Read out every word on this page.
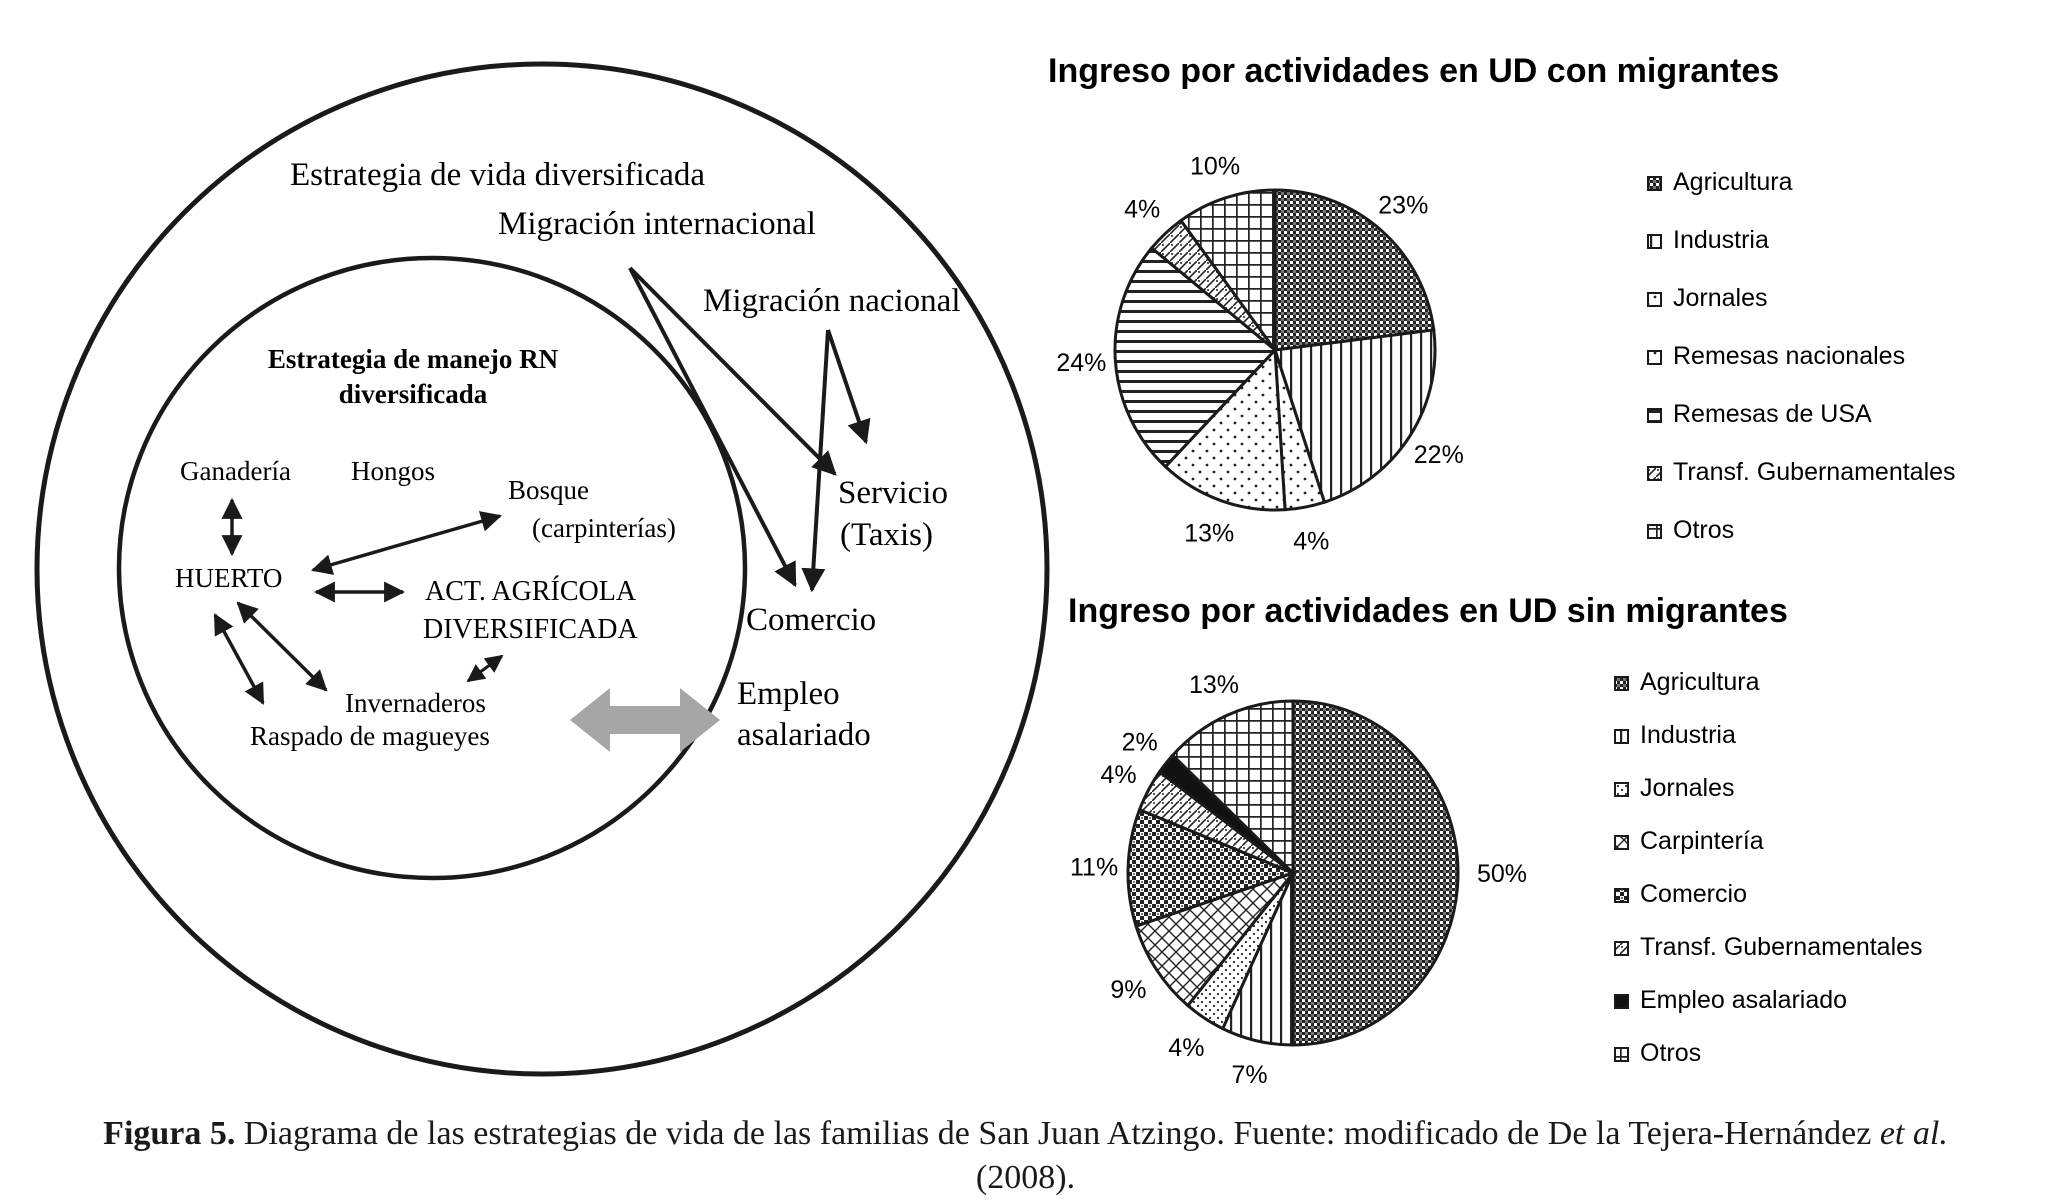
Estrategia de vida diversificada
Migración internacional
Migración nacional
Estrategia de manejo RN
diversificada
Ganadería Hongos
Bosque
(carpinterías)
HUERTO	ACT. AGRÍCOLA
DIVERSIFICADA
Invernaderos
Raspado de magueyes
Servicio
(Taxis)
Comercio
Empleo
asalariado
Ingreso por actividades en UD con migrantes
23%
22%
4%
13%
24%
4%
10%
Agricultura
Industria
Jornales
Remesas nacionales
Remesas de USA
Transf. Gubernamentales
Otros
Ingreso por actividades en UD sin migrantes
50%
7%
4%
9%
11%
4%
2%
13%	Agricultura
Industria
Jornales
Carpintería
Comercio
Transf. Gubernamentales
Empleo asalariado
Otros
Figura 5. Diagrama de las estrategias de vida de las familias de San Juan Atzingo. Fuente: modificado de De la Tejera-Hernández et al.
(2008).
